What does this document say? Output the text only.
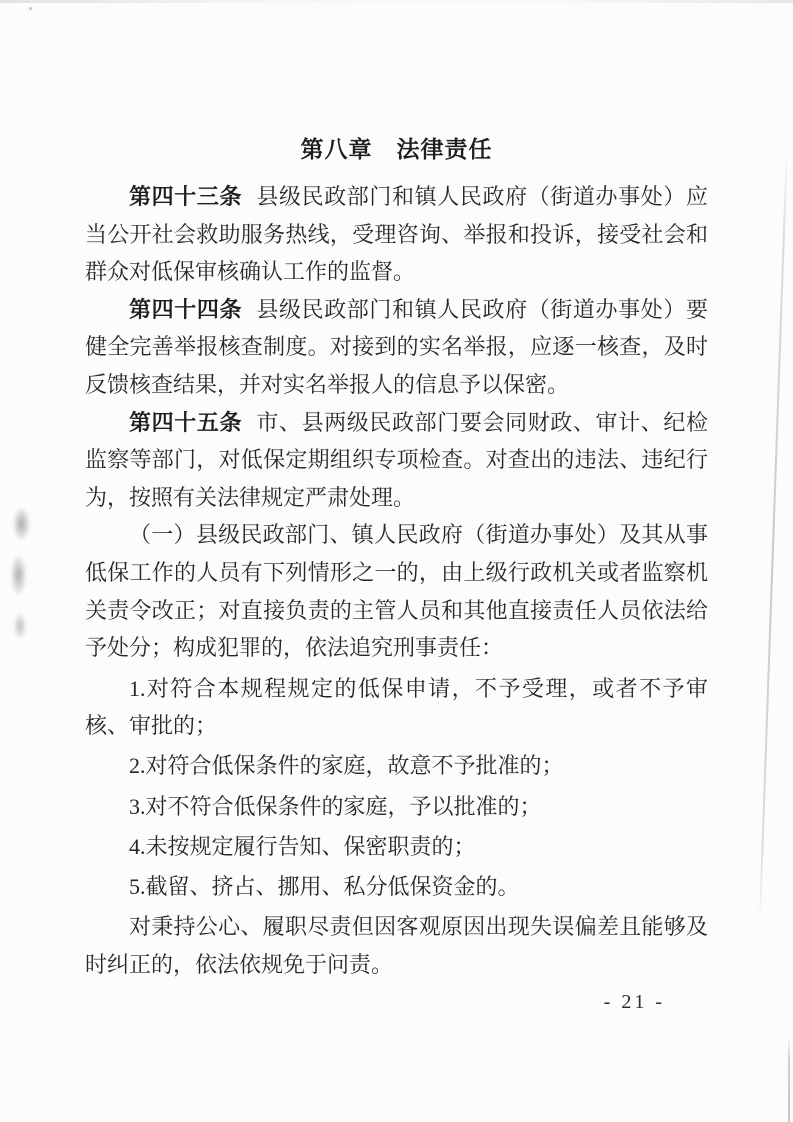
第八章　法律责任

第四十三条 县级民政部门和镇人民政府（街道办事处）应当公开社会救助服务热线，受理咨询、举报和投诉，接受社会和群众对低保审核确认工作的监督。

第四十四条 县级民政部门和镇人民政府（街道办事处）要健全完善举报核查制度。对接到的实名举报，应逐一核查，及时反馈核查结果，并对实名举报人的信息予以保密。

第四十五条 市、县两级民政部门要会同财政、审计、纪检监察等部门，对低保定期组织专项检查。对查出的违法、违纪行为，按照有关法律规定严肃处理。

（一）县级民政部门、镇人民政府（街道办事处）及其从事低保工作的人员有下列情形之一的，由上级行政机关或者监察机关责令改正；对直接负责的主管人员和其他直接责任人员依法给予处分；构成犯罪的，依法追究刑事责任：

1.对符合本规程规定的低保申请，不予受理，或者不予审核、审批的；

2.对符合低保条件的家庭，故意不予批准的；

3.对不符合低保条件的家庭，予以批准的；

4.未按规定履行告知、保密职责的；

5.截留、挤占、挪用、私分低保资金的。

对秉持公心、履职尽责但因客观原因出现失误偏差且能够及时纠正的，依法依规免于问责。

- 21 -
